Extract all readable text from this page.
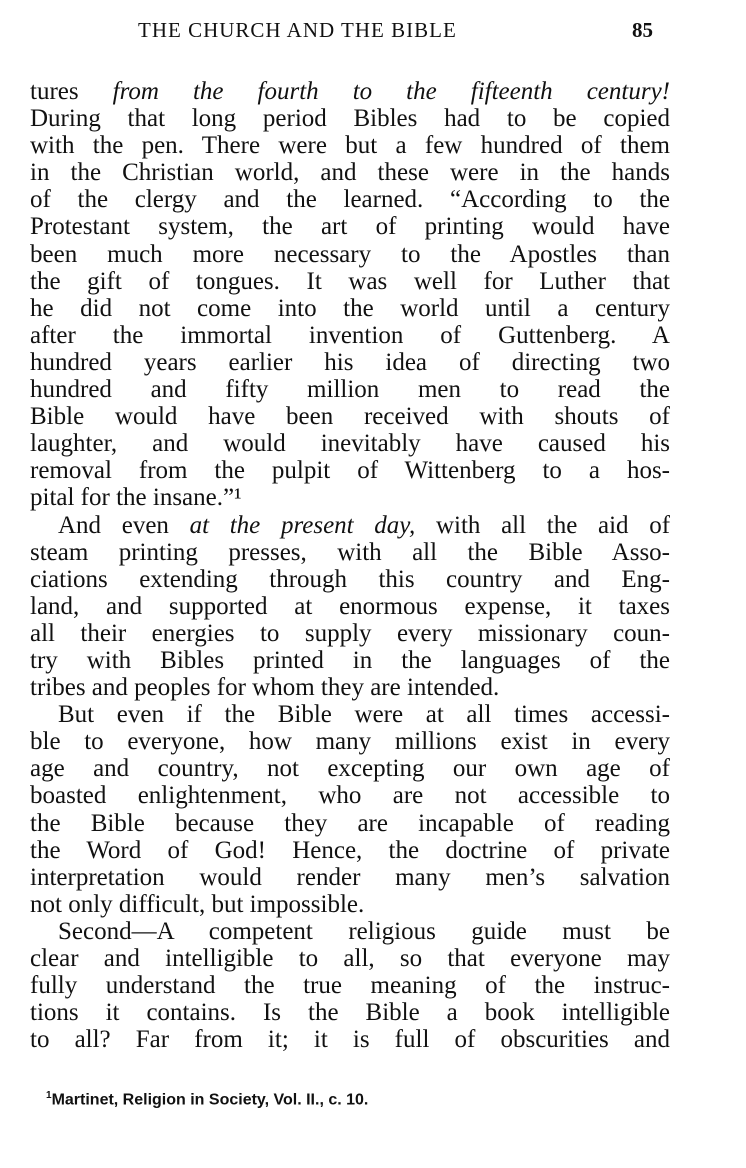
THE CHURCH AND THE BIBLE	85
tures from the fourth to the fifteenth century!
During that long period Bibles had to be copied
with the pen. There were but a few hundred of them
in the Christian world, and these were in the hands
of the clergy and the learned. “According to the
Protestant system, the art of printing would have
been much more necessary to the Apostles than
the gift of tongues. It was well for Luther that
he did not come into the world until a century
after the immortal invention of Guttenberg. A
hundred years earlier his idea of directing two
hundred and fifty million men to read the
Bible would have been received with shouts of
laughter, and would inevitably have caused his
removal from the pulpit of Wittenberg to a hos-
pital for the insane.”¹
And even at the present day, with all the aid of
steam printing presses, with all the Bible Asso-
ciations extending through this country and Eng-
land, and supported at enormous expense, it taxes
all their energies to supply every missionary coun-
try with Bibles printed in the languages of the
tribes and peoples for whom they are intended.
But even if the Bible were at all times accessi-
ble to everyone, how many millions exist in every
age and country, not excepting our own age of
boasted enlightenment, who are not accessible to
the Bible because they are incapable of reading
the Word of God! Hence, the doctrine of private
interpretation would render many men’s salvation
not only difficult, but impossible.
Second—A competent religious guide must be
clear and intelligible to all, so that everyone may
fully understand the true meaning of the instruc-
tions it contains. Is the Bible a book intelligible
to all? Far from it; it is full of obscurities and
$^1$Martinet, Religion in Society, Vol. II., c. 10.
